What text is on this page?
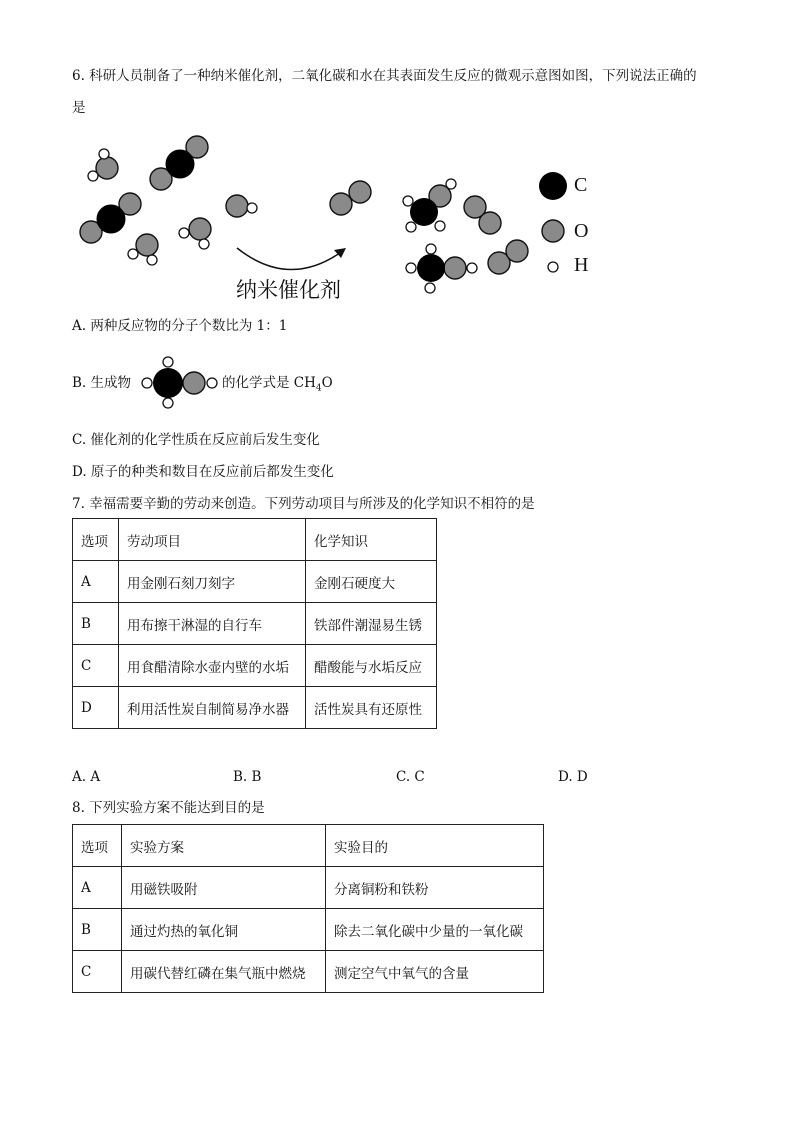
6. 科研人员制备了一种纳米催化剂，二氧化碳和水在其表面发生反应的微观示意图如图，下列说法正确的
是
纳米催化剂
C
O
H
A. 两种反应物的分子个数比为 1：1
B. 生成物	的化学式是 $CH_4O$
C. 催化剂的化学性质在反应前后发生变化
D. 原子的种类和数目在反应前后都发生变化
7. 幸福需要辛勤的劳动来创造。下列劳动项目与所涉及的化学知识不相符的是
选项	劳动项目	化学知识
A	用金刚石刻刀刻字	金刚石硬度大
B	用布擦干淋湿的自行车	铁部件潮湿易生锈
C	用食醋清除水壶内壁的水垢	醋酸能与水垢反应
D	利用活性炭自制简易净水器	活性炭具有还原性
A. A	B. B	C. C	D. D
8. 下列实验方案不能达到目的是
选项	实验方案	实验目的
A	用磁铁吸附	分离铜粉和铁粉
B	通过灼热的氧化铜	除去二氧化碳中少量的一氧化碳
C	用碳代替红磷在集气瓶中燃烧	测定空气中氧气的含量
